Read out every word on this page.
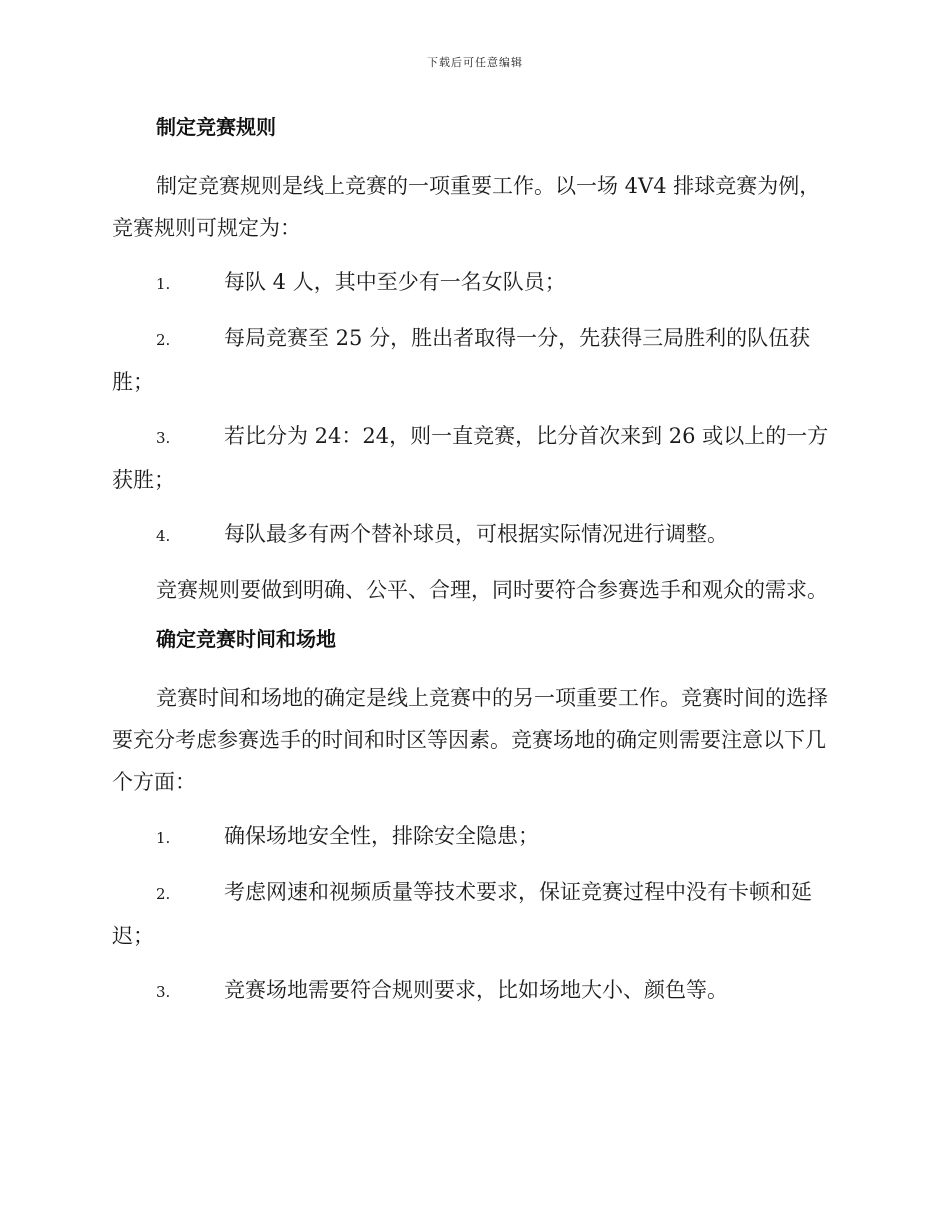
下载后可任意编辑
制定竞赛规则

制定竞赛规则是线上竞赛的一项重要工作。以一场 4V4 排球竞赛为例，竞赛规则可规定为：

1.	每队 4 人，其中至少有一名女队员；
2.	每局竞赛至 25 分，胜出者取得一分，先获得三局胜利的队伍获胜；
3.	若比分为 24：24，则一直竞赛，比分首次来到 26 或以上的一方获胜；
4.	每队最多有两个替补球员，可根据实际情况进行调整。

竞赛规则要做到明确、公平、合理，同时要符合参赛选手和观众的需求。

确定竞赛时间和场地

竞赛时间和场地的确定是线上竞赛中的另一项重要工作。竞赛时间的选择要充分考虑参赛选手的时间和时区等因素。竞赛场地的确定则需要注意以下几个方面：

1.	确保场地安全性，排除安全隐患；
2.	考虑网速和视频质量等技术要求，保证竞赛过程中没有卡顿和延迟；
3.	竞赛场地需要符合规则要求，比如场地大小、颜色等。
